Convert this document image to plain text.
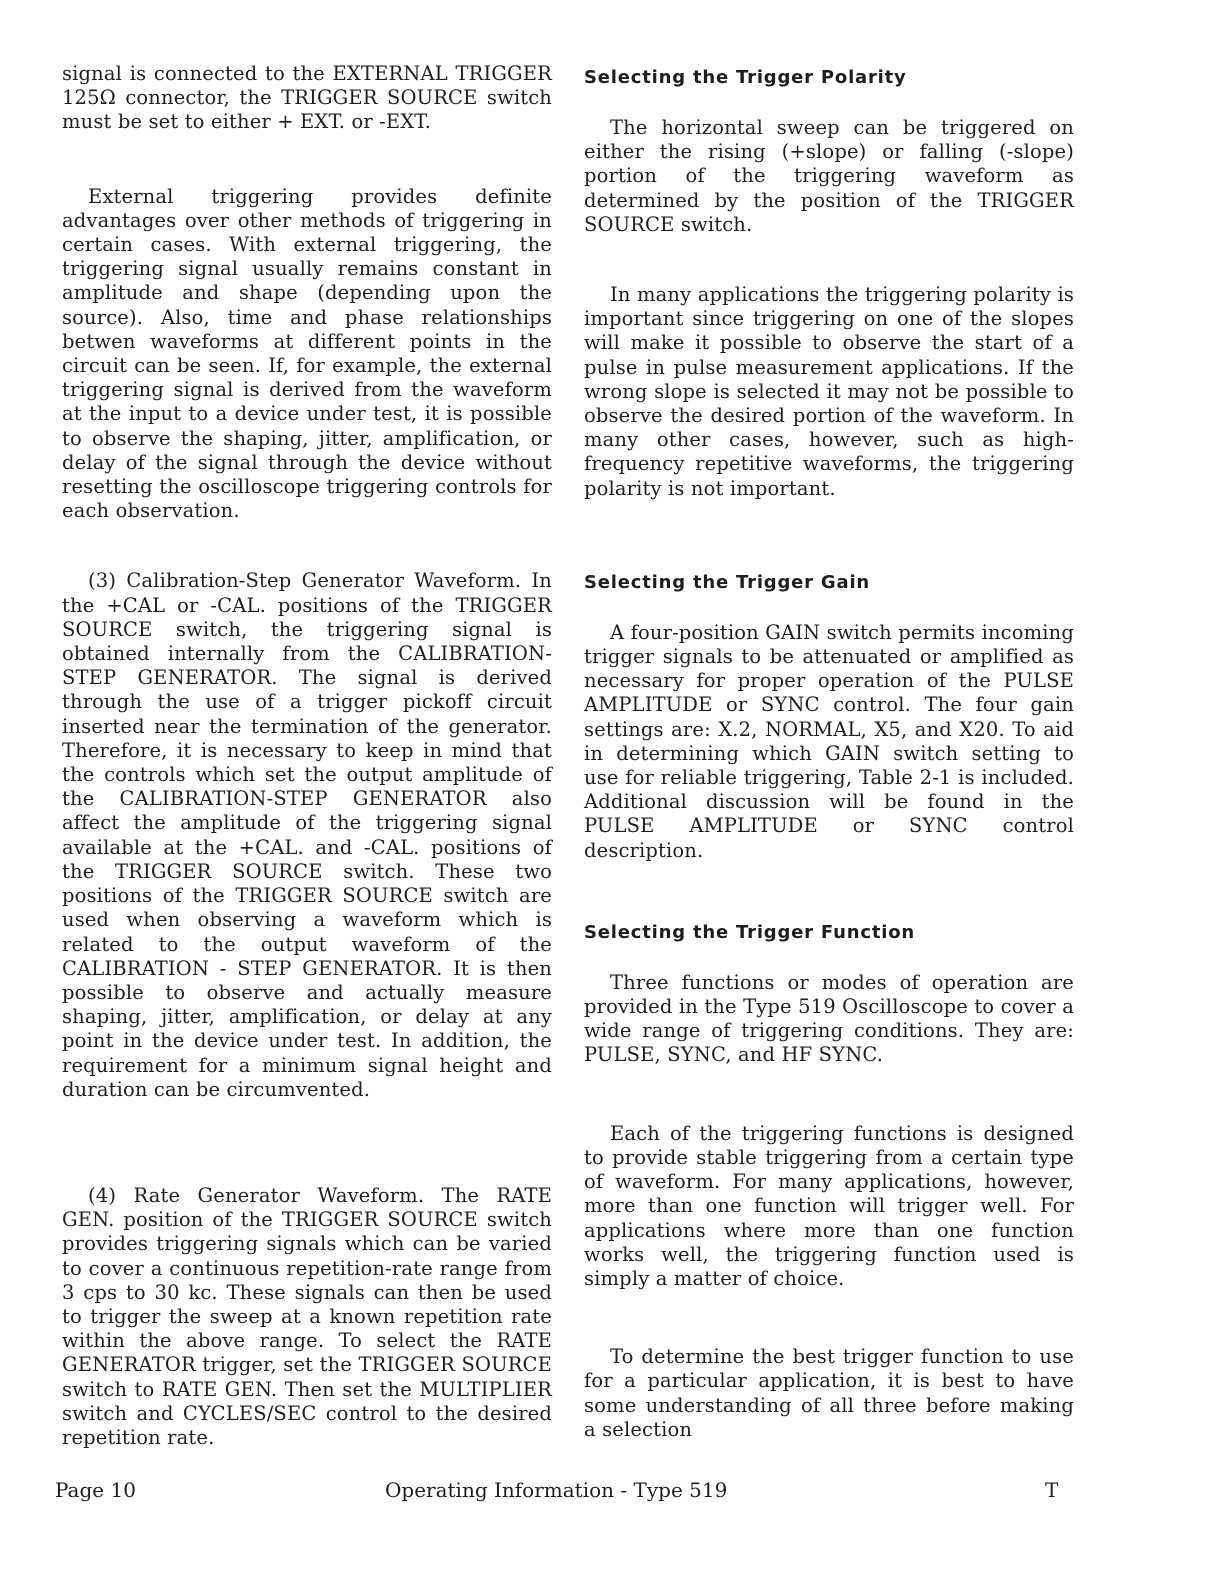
signal is connected to the EXTERNAL TRIGGER 125Ω connector, the TRIGGER SOURCE switch must be set to either + EXT. or -EXT.

External triggering provides definite advantages over other methods of triggering in certain cases. With external triggering, the triggering signal usually remains constant in amplitude and shape (depending upon the source). Also, time and phase relationships betwen waveforms at different points in the circuit can be seen. If, for example, the external triggering signal is derived from the waveform at the input to a device under test, it is possible to observe the shaping, jitter, amplification, or delay of the signal through the device without resetting the oscilloscope triggering controls for each observation.

(3) Calibration-Step Generator Waveform. In the +CAL or -CAL. positions of the TRIGGER SOURCE switch, the triggering signal is obtained internally from the CALIBRATION-STEP GENERATOR. The signal is derived through the use of a trigger pickoff circuit inserted near the termination of the generator. Therefore, it is necessary to keep in mind that the controls which set the output amplitude of the CALIBRATION-STEP GENERATOR also affect the amplitude of the triggering signal available at the +CAL. and -CAL. positions of the TRIGGER SOURCE switch. These two positions of the TRIGGER SOURCE switch are used when observing a waveform which is related to the output waveform of the CALIBRATION - STEP GENERATOR. It is then possible to observe and actually measure shaping, jitter, amplification, or delay at any point in the device under test. In addition, the requirement for a minimum signal height and duration can be circumvented.

(4) Rate Generator Waveform. The RATE GEN. position of the TRIGGER SOURCE switch provides triggering signals which can be varied to cover a continuous repetition-rate range from 3 cps to 30 kc. These signals can then be used to trigger the sweep at a known repetition rate within the above range. To select the RATE GENERATOR trigger, set the TRIGGER SOURCE switch to RATE GEN. Then set the MULTIPLIER switch and CYCLES/SEC control to the desired repetition rate.

Selecting the Trigger Polarity

The horizontal sweep can be triggered on either the rising (+slope) or falling (-slope) portion of the triggering waveform as determined by the position of the TRIGGER SOURCE switch.

In many applications the triggering polarity is important since triggering on one of the slopes will make it possible to observe the start of a pulse in pulse measurement applications. If the wrong slope is selected it may not be possible to observe the desired portion of the waveform. In many other cases, however, such as high-frequency repetitive waveforms, the triggering polarity is not important.

Selecting the Trigger Gain

A four-position GAIN switch permits incoming trigger signals to be attenuated or amplified as necessary for proper operation of the PULSE AMPLITUDE or SYNC control. The four gain settings are: X.2, NORMAL, X5, and X20. To aid in determining which GAIN switch setting to use for reliable triggering, Table 2-1 is included. Additional discussion will be found in the PULSE AMPLITUDE or SYNC control description.

Selecting the Trigger Function

Three functions or modes of operation are provided in the Type 519 Oscilloscope to cover a wide range of triggering conditions. They are: PULSE, SYNC, and HF SYNC.

Each of the triggering functions is designed to provide stable triggering from a certain type of waveform. For many applications, however, more than one function will trigger well. For applications where more than one function works well, the triggering function used is simply a matter of choice.

To determine the best trigger function to use for a particular application, it is best to have some understanding of all three before making a selection

Page 10	Operating Information - Type 519	T
